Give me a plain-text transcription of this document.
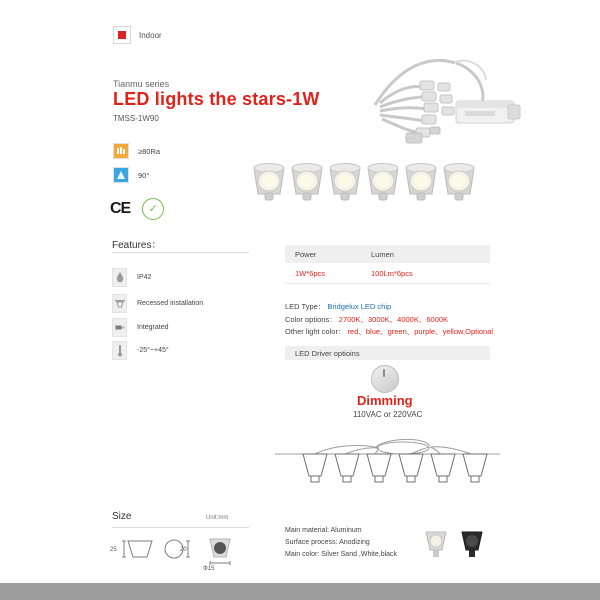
Indoor
Tianmu series
LED lights the stars-1W
TMSS-1W90
≥80Ra
90°
CE ✓
Features：
IP42
Recessed installation
Integrated
-25°~+45°
Power	Lumen
1W*6pcs	100Lm*6pcs
LED Type： Bridgelux LED chip
Color options： 2700K、3000K、4000K、6000K
Other light color： red、blue、green、purple、yellow,Optional
LED Driver optioins
Dimming
110VAC or 220VAC
Size	Unit:mm
25	20
Φ15
Main material: Aluminum
Surface process: Anodizing
Main color: Silver Sand ,White,black
